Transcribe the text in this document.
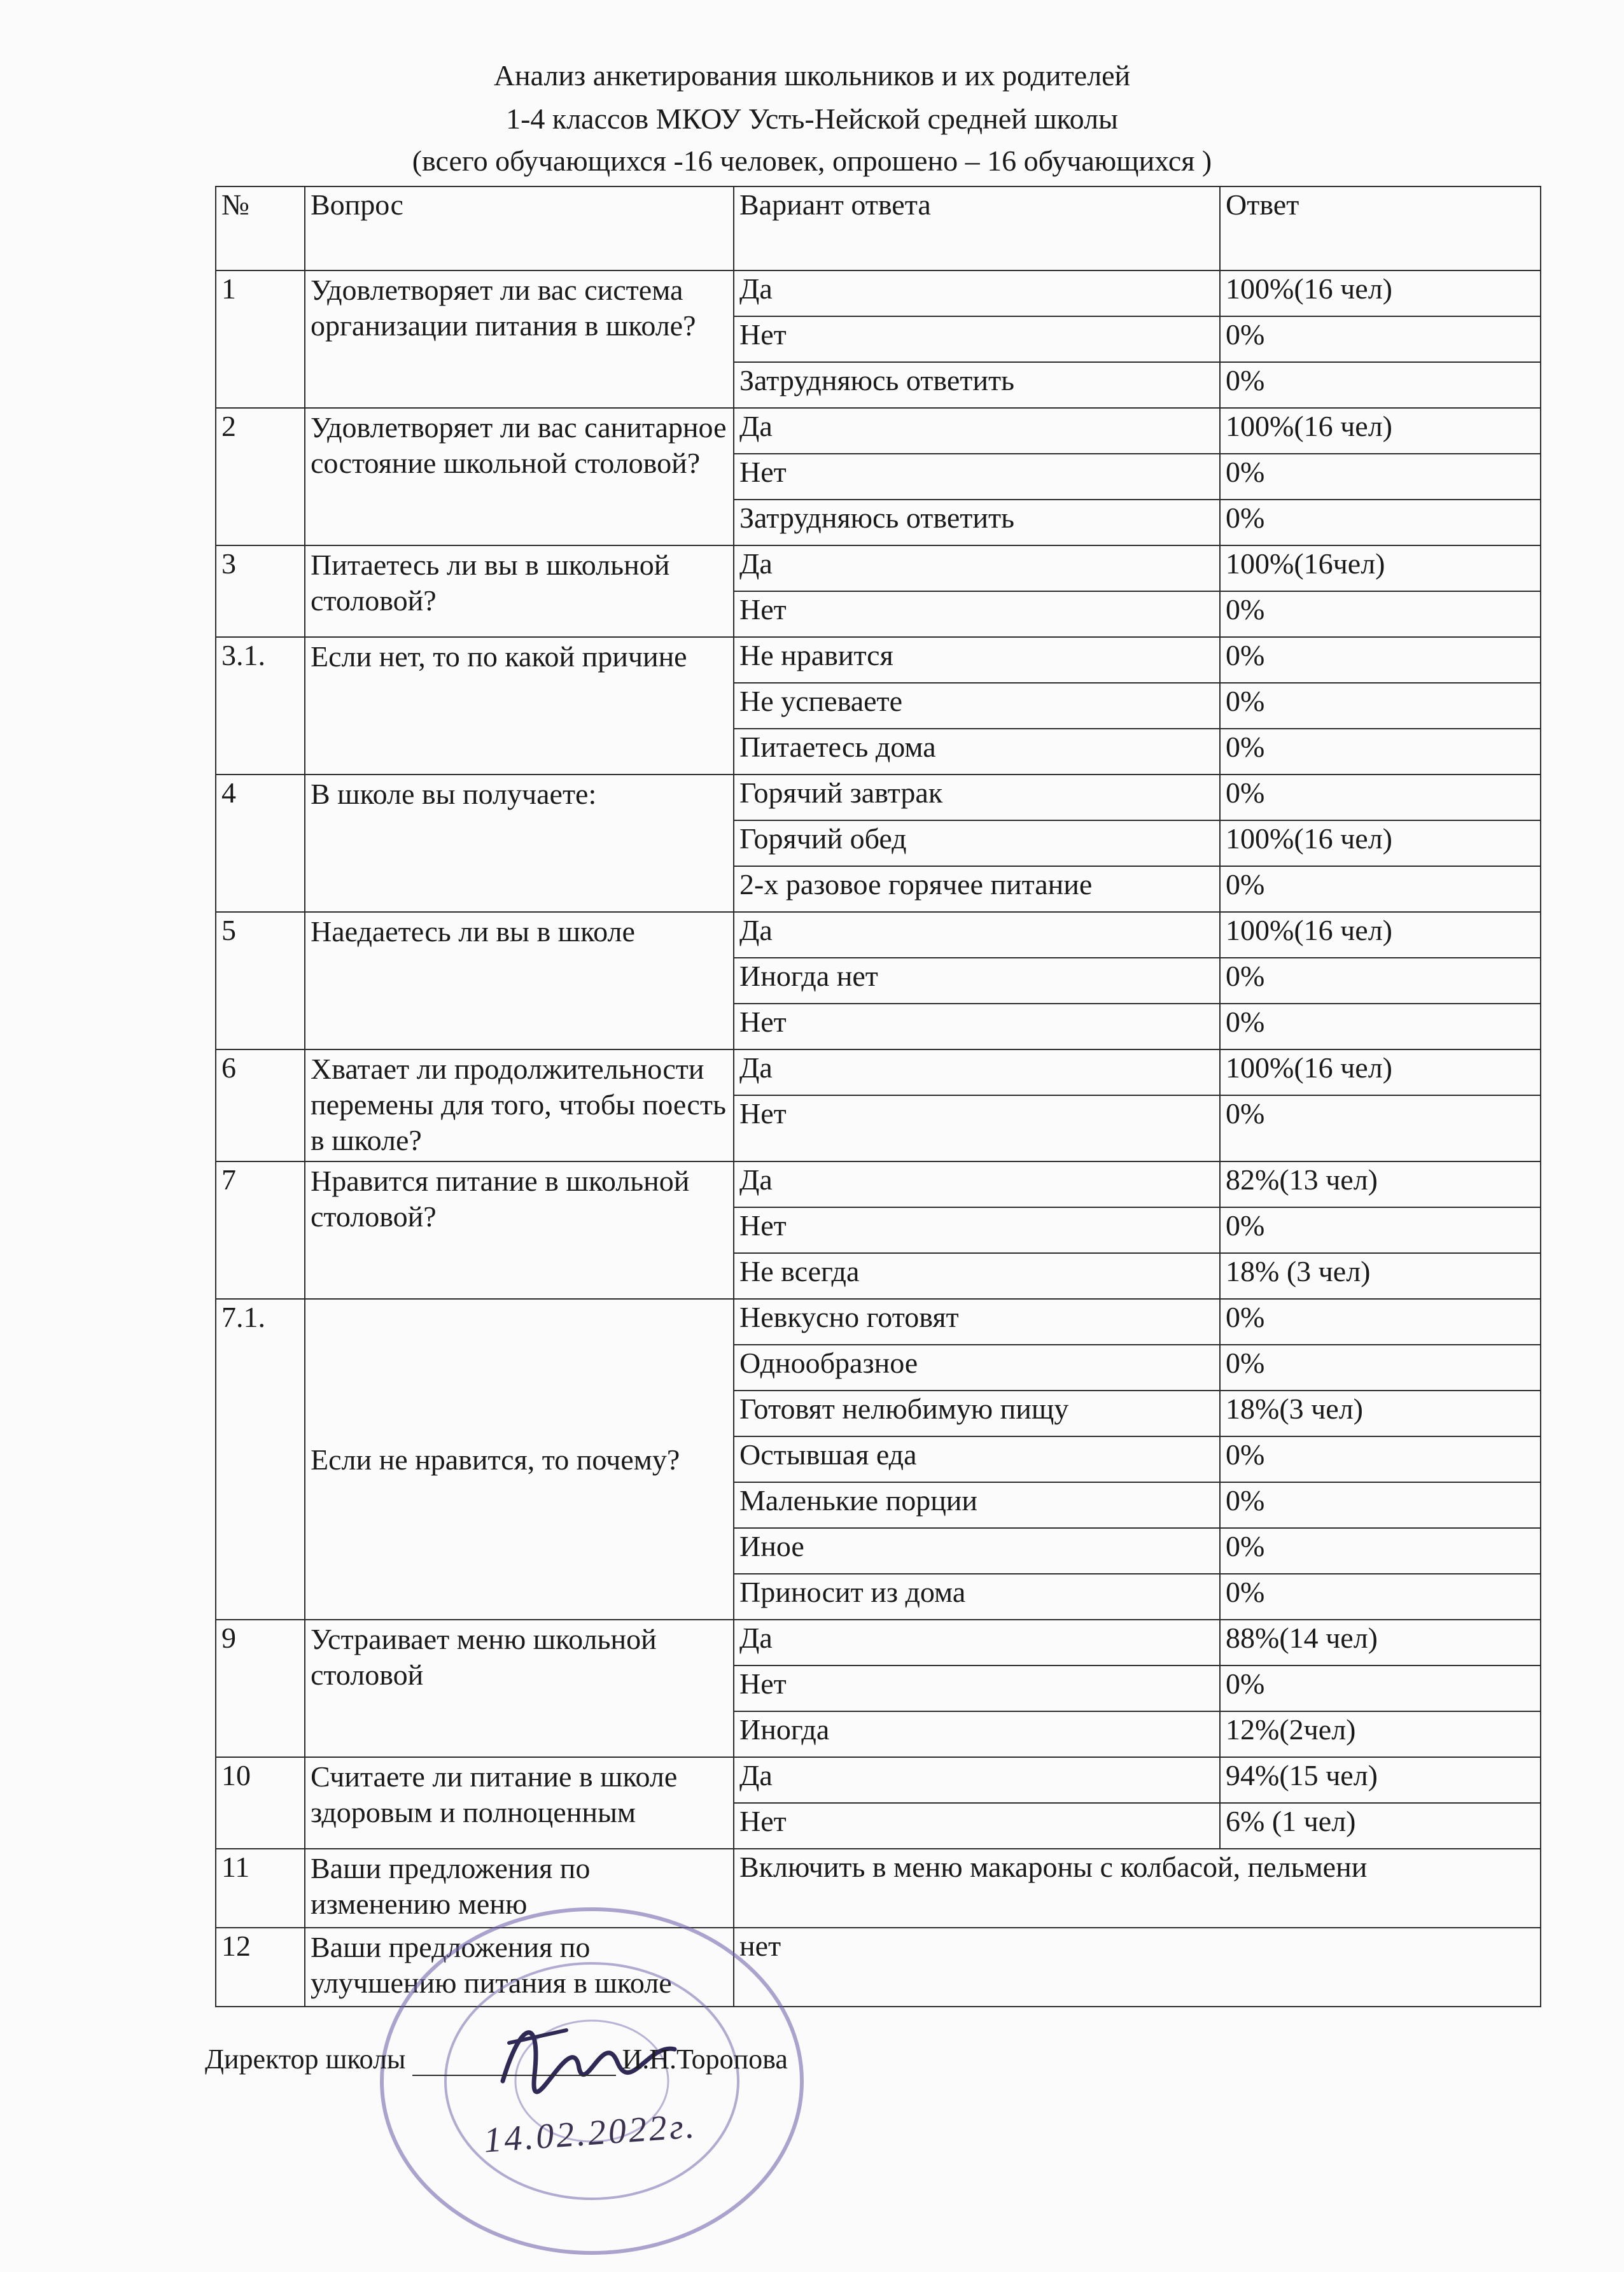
Анализ анкетирования школьников и их родителей
1-4 классов МКОУ Усть-Нейской средней школы
(всего обучающихся -16 человек, опрошено – 16 обучающихся )
№	Вопрос	Вариант ответа	Ответ
1	Удовлетворяет ли вас система организации питания в школе?	Да	100%(16 чел)
		Нет	0%
		Затрудняюсь ответить	0%
2	Удовлетворяет ли вас санитарное состояние школьной столовой?	Да	100%(16 чел)
		Нет	0%
		Затрудняюсь ответить	0%
3	Питаетесь ли вы в школьной столовой?	Да	100%(16чел)
		Нет	0%
3.1.	Если нет, то по какой причине	Не нравится	0%
		Не успеваете	0%
		Питаетесь дома	0%
4	В школе вы получаете:	Горячий завтрак	0%
		Горячий обед	100%(16 чел)
		2-х разовое горячее питание	0%
5	Наедаетесь ли вы в школе	Да	100%(16 чел)
		Иногда нет	0%
		Нет	0%
6	Хватает ли продолжительности перемены для того, чтобы поесть в школе?	Да	100%(16 чел)
		Нет	0%
7	Нравится питание в школьной столовой?	Да	82%(13 чел)
		Нет	0%
		Не всегда	18% (3 чел)
7.1.	Если не нравится, то почему?	Невкусно готовят	0%
		Однообразное	0%
		Готовят нелюбимую пищу	18%(3 чел)
		Остывшая еда	0%
		Маленькие порции	0%
		Иное	0%
		Приносит из дома	0%
9	Устраивает меню школьной столовой	Да	88%(14 чел)
		Нет	0%
		Иногда	12%(2чел)
10	Считаете ли питание в школе здоровым и полноценным	Да	94%(15 чел)
		Нет	6% (1 чел)
11	Ваши предложения по изменению меню	Включить в меню макароны с колбасой, пельмени	
12	Ваши предложения по улучшению питания в школе	нет	
Директор школы	И.Н.Торопова
14.02.2022г.
